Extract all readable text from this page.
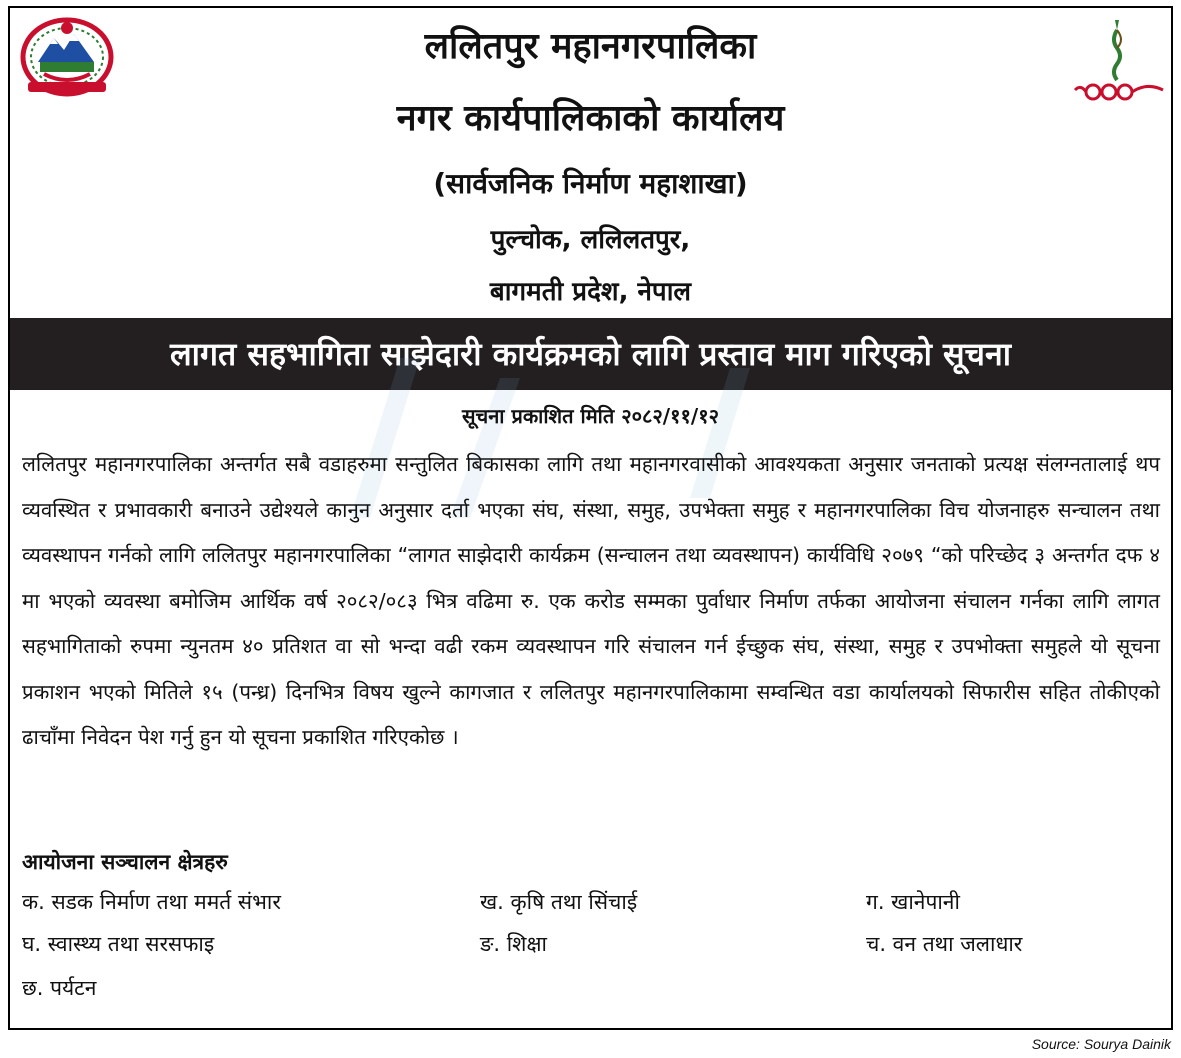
ललितपुर महानगरपालिका
नगर कार्यपालिकाको कार्यालय
(सार्वजनिक निर्माण महाशाखा)
पुल्चोक, ललिलतपुर,
बागमती प्रदेश, नेपाल
लागत सहभागिता साझेदारी कार्यक्रमको लागि प्रस्ताव माग गरिएको सूचना
सूचना प्रकाशित मिति २०८२/११/१२

ललितपुर महानगरपालिका अन्तर्गत सबै वडाहरुमा सन्तुलित बिकासका लागि तथा महानगरवासीको आवश्यकता अनुसार जनताको प्रत्यक्ष संलग्नतालाई थप व्यवस्थित र प्रभावकारी बनाउने उद्येश्यले कानुन अनुसार दर्ता भएका संघ, संस्था, समुह, उपभेक्ता समुह र महानगरपालिका विच योजनाहरु सन्चालन तथा व्यवस्थापन गर्नको लागि ललितपुर महानगरपालिका “लागत साझेदारी कार्यक्रम (सन्चालन तथा व्यवस्थापन) कार्यविधि २०७९ “को परिच्छेद ३ अन्तर्गत दफ ४ मा भएको व्यवस्था बमोजिम आर्थिक वर्ष २०८२/०८३ भित्र वढिमा रु. एक करोड सम्मका पुर्वाधार निर्माण तर्फका आयोजना संचालन गर्नका लागि लागत सहभागिताको रुपमा न्युनतम ४० प्रतिशत वा सो भन्दा वढी रकम व्यवस्थापन गरि संचालन गर्न ईच्छुक संघ, संस्था, समुह र उपभोक्ता समुहले यो सूचना प्रकाशन भएको मितिले १५ (पन्ध्र) दिनभित्र विषय खुल्ने कागजात र ललितपुर महानगरपालिकामा सम्वन्धित वडा कार्यालयको सिफारीस सहित तोकीएको ढाचाँमा निवेदन पेश गर्नु हुन यो सूचना प्रकाशित गरिएकोछ ।

आयोजना सञ्चालन क्षेत्रहरु
क. सडक निर्माण तथा ममर्त संभार	ख. कृषि तथा सिंचाई	ग. खानेपानी
घ. स्वास्थ्य तथा सरसफाइ	ङ. शिक्षा	च. वन तथा जलाधार
छ. पर्यटन
Source: Sourya Dainik
